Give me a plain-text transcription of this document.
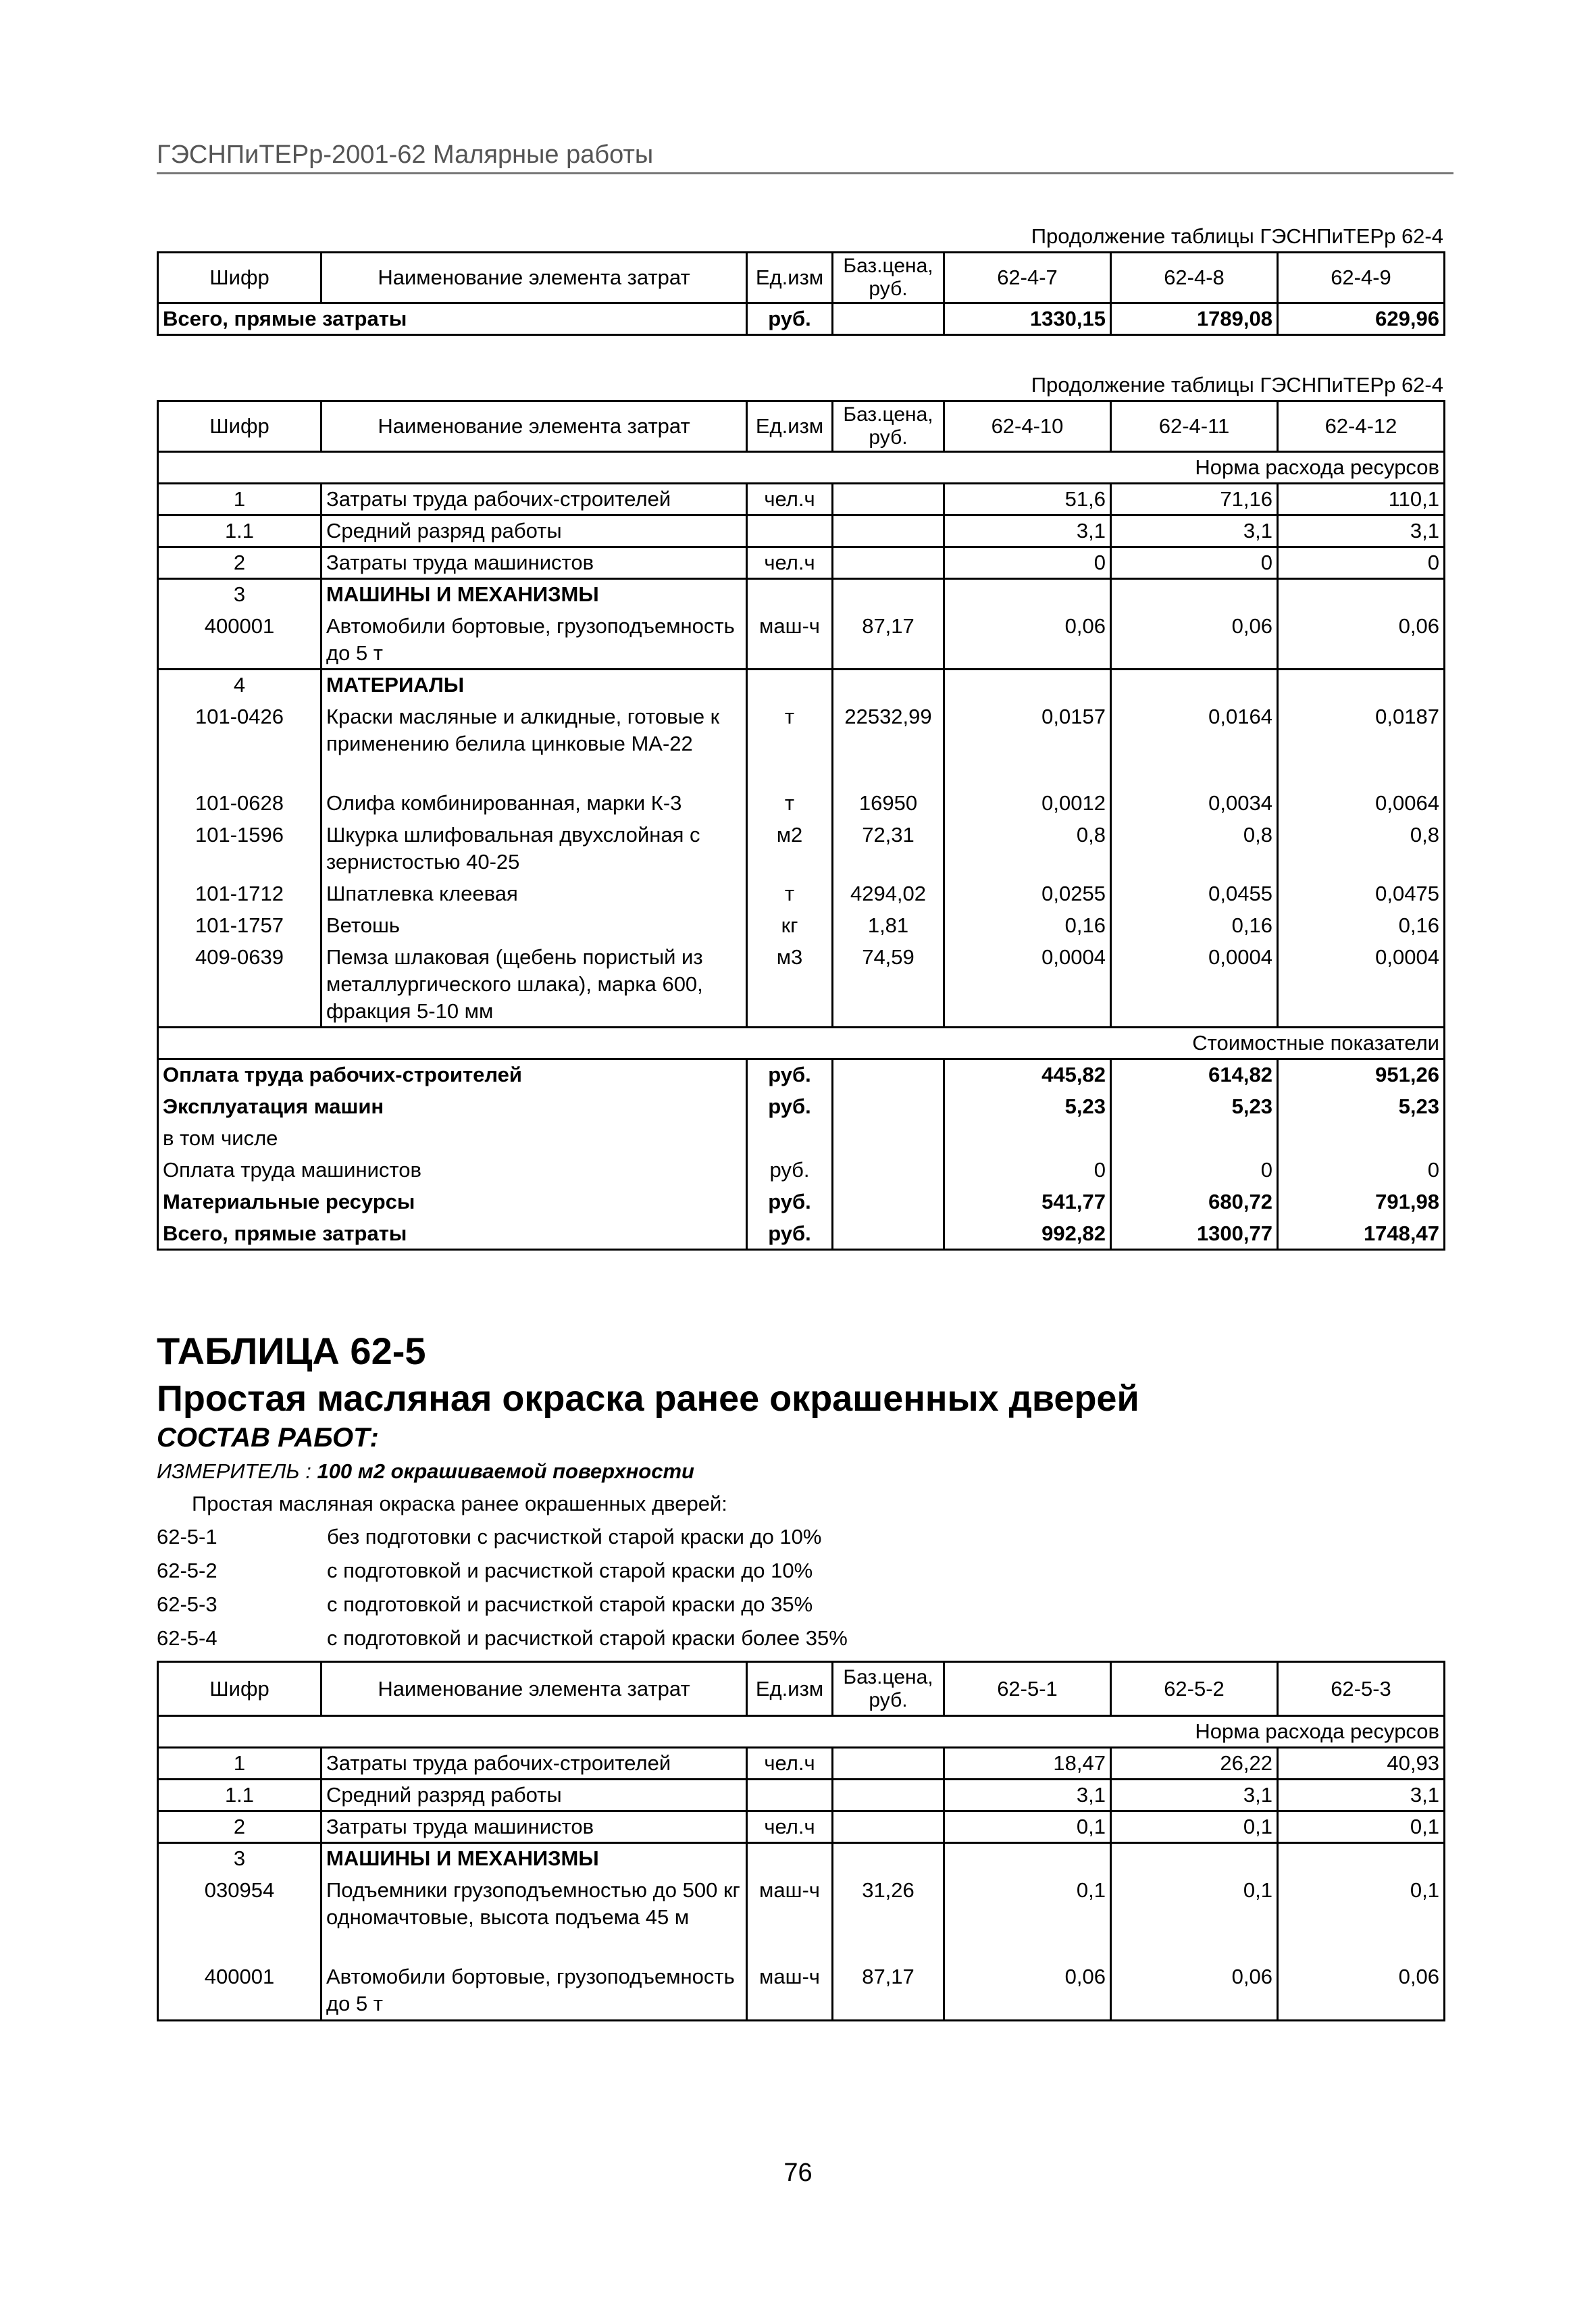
ГЭСНПиТЕРр-2001-62 Малярные работы
Продолжение таблицы ГЭСНПиТЕРр 62-4
Шифр	Наименование элемента затрат	Ед.изм	Баз.цена, руб.	62-4-7	62-4-8	62-4-9
Всего, прямые затраты		руб.		1330,15	1789,08	629,96
Продолжение таблицы ГЭСНПиТЕРр 62-4
Шифр	Наименование элемента затрат	Ед.изм	Баз.цена, руб.	62-4-10	62-4-11	62-4-12
Норма расхода ресурсов						
1	Затраты труда рабочих-строителей	чел.ч		51,6	71,16	110,1
1.1	Средний разряд работы			3,1	3,1	3,1
2	Затраты труда машинистов	чел.ч		0	0	0
3	МАШИНЫ И МЕХАНИЗМЫ					
400001	Автомобили бортовые, грузоподъемность до 5 т	маш-ч	87,17	0,06	0,06	0,06
4	МАТЕРИАЛЫ					
101-0426	Краски масляные и алкидные, готовые к применению белила цинковые МА-22	т	22532,99	0,0157	0,0164	0,0187
101-0628	Олифа комбинированная, марки К-3	т	16950	0,0012	0,0034	0,0064
101-1596	Шкурка шлифовальная двухслойная с зернистостью 40-25	м2	72,31	0,8	0,8	0,8
101-1712	Шпатлевка клеевая	т	4294,02	0,0255	0,0455	0,0475
101-1757	Ветошь	кг	1,81	0,16	0,16	0,16
409-0639	Пемза шлаковая (щебень пористый из металлургического шлака), марка 600, фракция 5-10 мм	м3	74,59	0,0004	0,0004	0,0004
Стоимостные показатели						
Оплата труда рабочих-строителей		руб.		445,82	614,82	951,26
Эксплуатация машин		руб.		5,23	5,23	5,23
в том числе						
Оплата труда машинистов		руб.		0	0	0
Материальные ресурсы		руб.		541,77	680,72	791,98
Всего, прямые затраты		руб.		992,82	1300,77	1748,47
ТАБЛИЦА 62-5
Простая масляная окраска ранее окрашенных дверей
СОСТАВ РАБОТ:
ИЗМЕРИТЕЛЬ : 100 м2 окрашиваемой поверхности
Простая масляная окраска ранее окрашенных дверей:
62-5-1	без подготовки с расчисткой старой краски до 10%
62-5-2	с подготовкой и расчисткой старой краски до 10%
62-5-3	с подготовкой и расчисткой старой краски до 35%
62-5-4	с подготовкой и расчисткой старой краски более 35%
Шифр	Наименование элемента затрат	Ед.изм	Баз.цена, руб.	62-5-1	62-5-2	62-5-3
Норма расхода ресурсов						
1	Затраты труда рабочих-строителей	чел.ч		18,47	26,22	40,93
1.1	Средний разряд работы			3,1	3,1	3,1
2	Затраты труда машинистов	чел.ч		0,1	0,1	0,1
3	МАШИНЫ И МЕХАНИЗМЫ					
030954	Подъемники грузоподъемностью до 500 кг одномачтовые, высота подъема 45 м	маш-ч	31,26	0,1	0,1	0,1
400001	Автомобили бортовые, грузоподъемность до 5 т	маш-ч	87,17	0,06	0,06	0,06
76
